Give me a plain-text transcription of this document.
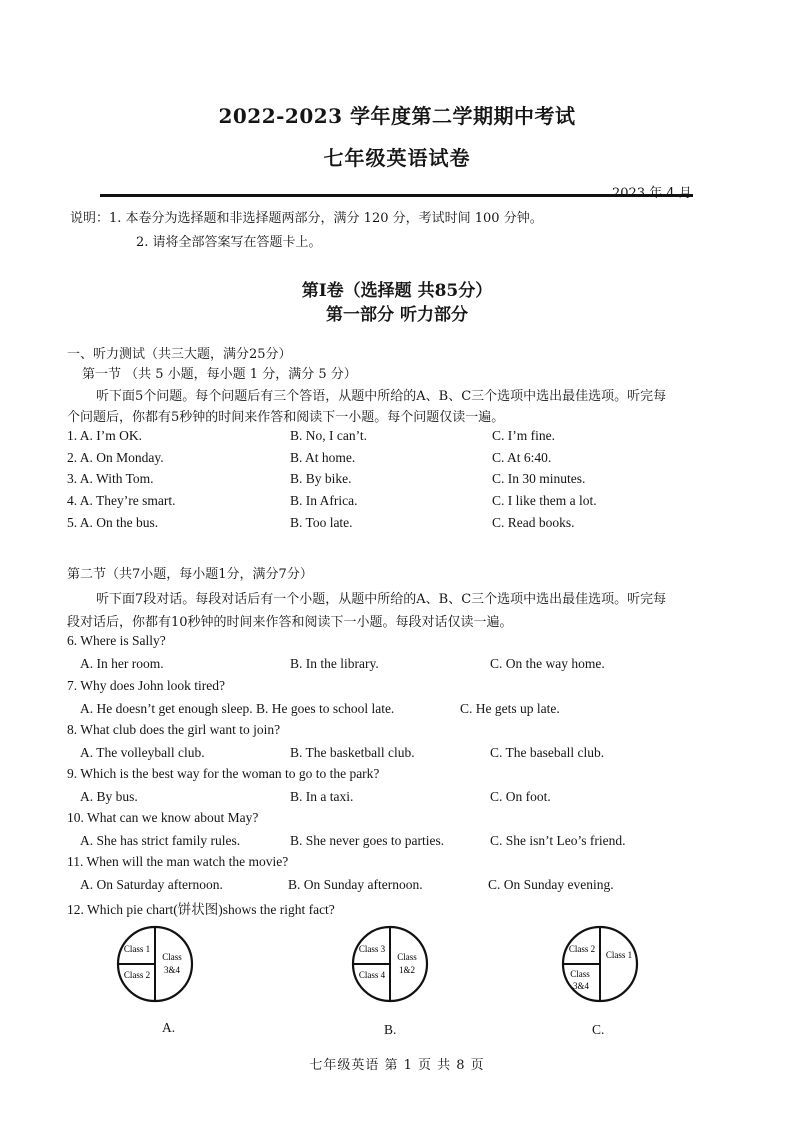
2022-2023 学年度第二学期期中考试
七年级英语试卷
说明：1. 本卷分为选择题和非选择题两部分，满分 120 分，考试时间 100 分钟。
2. 请将全部答案写在答题卡上。
第Ⅰ卷（选择题 共85分）
第一部分 听力部分
一、听力测试（共三大题，满分25分）
第一节 （共 5 小题，每小题 1 分，满分 5 分）
听下面5个问题。每个问题后有三个答语，从题中所给的A、B、C三个选项中选出最佳选项。听完每
个问题后，你都有5秒钟的时间来作答和阅读下一小题。每个问题仅读一遍。
1. A. I’m OK.	B. No, I can’t.	C. I’m fine.
2. A. On Monday.	B. At home.	C. At 6:40.
3. A. With Tom.	B. By bike.	C. In 30 minutes.
4. A. They’re smart.	B. In Africa.	C. I like them a lot.
5. A. On the bus.	B. Too late.	C. Read books.
第二节（共7小题，每小题1分，满分7分）
听下面7段对话。每段对话后有一个小题，从题中所给的A、B、C三个选项中选出最佳选项。听完每
段对话后，你都有10秒钟的时间来作答和阅读下一小题。每段对话仅读一遍。
6. Where is Sally?
A. In her room.	B. In the library.	C. On the way home.
7. Why does John look tired?
A. He doesn’t get enough sleep. B. He goes to school late.	C. He gets up late.
8. What club does the girl want to join?
A. The volleyball club.	B. The basketball club.	C. The baseball club.
9. Which is the best way for the woman to go to the park?
A. By bus.	B. In a taxi.	C. On foot.
10. What can we know about May?
A. She has strict family rules.	B. She never goes to parties.	C. She isn’t Leo’s friend.
11. When will the man watch the movie?
A. On Saturday afternoon.	B. On Sunday afternoon.	C. On Sunday evening.
12. Which pie chart(饼状图)shows the right fact?
Class 1
Class 2
Class
3&4
A.
Class 3
Class 4
Class
1&2
B.
Class 2
Class
3&4
Class 1
C.
七年级英语 第 1 页 共 8 页
